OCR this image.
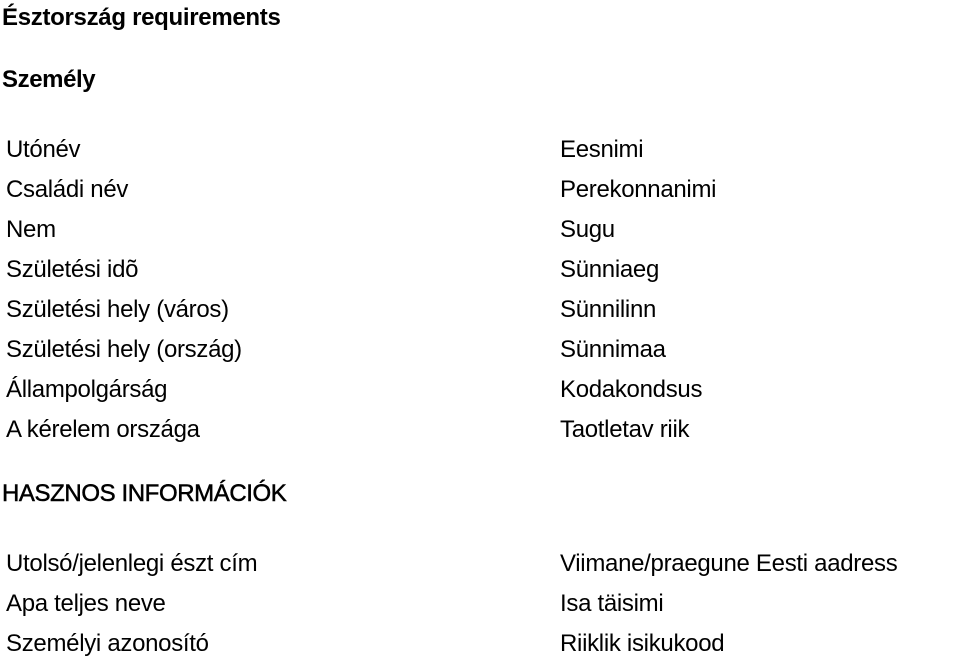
Észtország requirements
Személy
Utónév
Családi név
Nem
Születési idõ
Születési hely (város)
Születési hely (ország)
Állampolgárság
A kérelem országa
Eesnimi
Perekonnanimi
Sugu
Sünniaeg
Sünnilinn
Sünnimaa
Kodakondsus
Taotletav riik
HASZNOS INFORMÁCIÓK
Utolsó/jelenlegi észt cím
Apa teljes neve
Személyi azonosító
Viimane/praegune Eesti aadress
Isa täisimi
Riiklik isikukood
